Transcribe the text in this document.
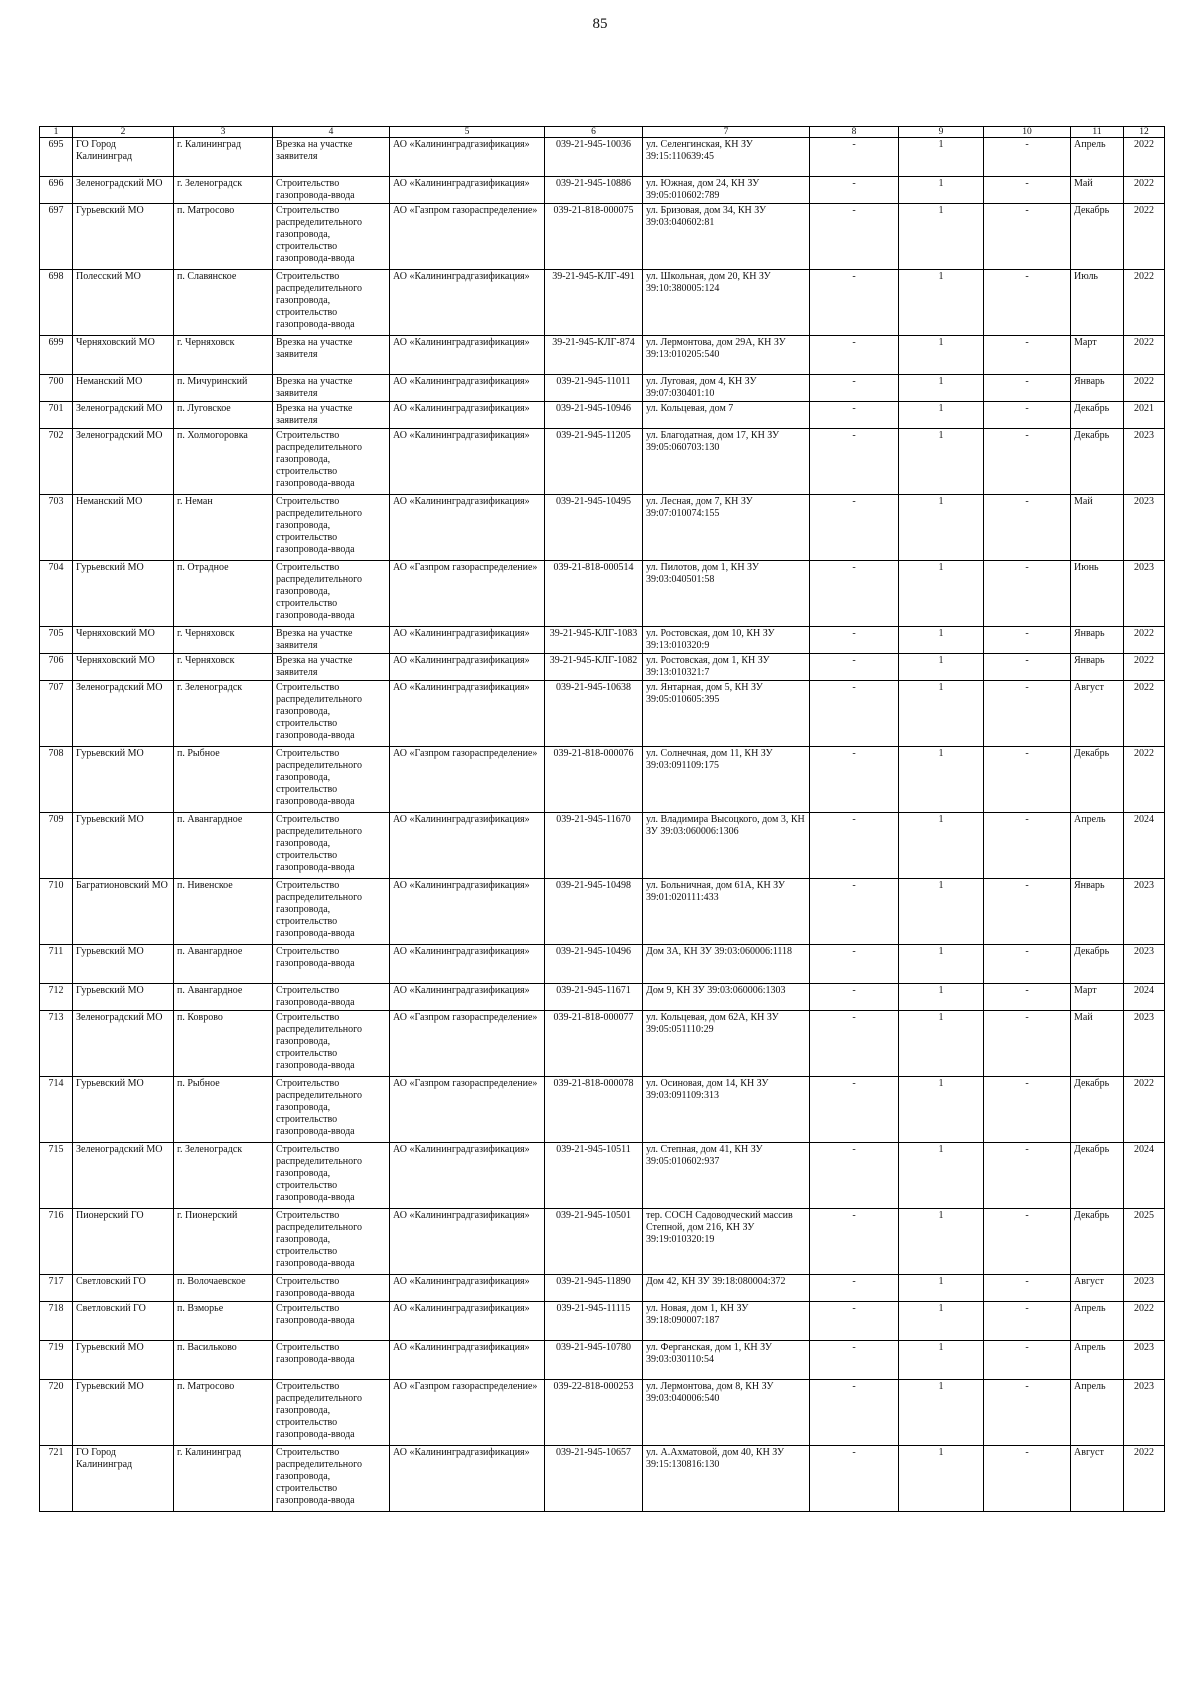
85
1	2	3	4	5	6	7	8	9	10	11	12
695	ГО Город Калининград	г. Калининград	Врезка на участке заявителя	АО «Калининградгазификация»	039-21-945-10036	ул. Селенгинская, КН ЗУ 39:15:110639:45	-	1	-	Апрель	2022
696	Зеленоградский МО	г. Зеленоградск	Строительство газопровода-ввода	АО «Калининградгазификация»	039-21-945-10886	ул. Южная, дом 24, КН ЗУ 39:05:010602:789	-	1	-	Май	2022
697	Гурьевский МО	п. Матросово	Строительство распределительного газопровода, строительство газопровода-ввода	АО «Газпром газораспределение»	039-21-818-000075	ул. Бризовая, дом 34, КН ЗУ 39:03:040602:81	-	1	-	Декабрь	2022
698	Полесский МО	п. Славянское	Строительство распределительного газопровода, строительство газопровода-ввода	АО «Калининградгазификация»	39-21-945-КЛГ-491	ул. Школьная, дом 20, КН ЗУ 39:10:380005:124	-	1	-	Июль	2022
699	Черняховский МО	г. Черняховск	Врезка на участке заявителя	АО «Калининградгазификация»	39-21-945-КЛГ-874	ул. Лермонтова, дом 29А, КН ЗУ 39:13:010205:540	-	1	-	Март	2022
700	Неманский МО	п. Мичуринский	Врезка на участке заявителя	АО «Калининградгазификация»	039-21-945-11011	ул. Луговая, дом 4, КН ЗУ 39:07:030401:10	-	1	-	Январь	2022
701	Зеленоградский МО	п. Луговское	Врезка на участке заявителя	АО «Калининградгазификация»	039-21-945-10946	ул. Кольцевая, дом 7	-	1	-	Декабрь	2021
702	Зеленоградский МО	п. Холмогоровка	Строительство распределительного газопровода, строительство газопровода-ввода	АО «Калининградгазификация»	039-21-945-11205	ул. Благодатная, дом 17, КН ЗУ 39:05:060703:130	-	1	-	Декабрь	2023
703	Неманский МО	г. Неман	Строительство распределительного газопровода, строительство газопровода-ввода	АО «Калининградгазификация»	039-21-945-10495	ул. Лесная, дом 7, КН ЗУ 39:07:010074:155	-	1	-	Май	2023
704	Гурьевский МО	п. Отрадное	Строительство распределительного газопровода, строительство газопровода-ввода	АО «Газпром газораспределение»	039-21-818-000514	ул. Пилотов, дом 1, КН ЗУ 39:03:040501:58	-	1	-	Июнь	2023
705	Черняховский МО	г. Черняховск	Врезка на участке заявителя	АО «Калининградгазификация»	39-21-945-КЛГ-1083	ул. Ростовская, дом 10, КН ЗУ 39:13:010320:9	-	1	-	Январь	2022
706	Черняховский МО	г. Черняховск	Врезка на участке заявителя	АО «Калининградгазификация»	39-21-945-КЛГ-1082	ул. Ростовская, дом 1, КН ЗУ 39:13:010321:7	-	1	-	Январь	2022
707	Зеленоградский МО	г. Зеленоградск	Строительство распределительного газопровода, строительство газопровода-ввода	АО «Калининградгазификация»	039-21-945-10638	ул. Янтарная, дом 5, КН ЗУ 39:05:010605:395	-	1	-	Август	2022
708	Гурьевский МО	п. Рыбное	Строительство распределительного газопровода, строительство газопровода-ввода	АО «Газпром газораспределение»	039-21-818-000076	ул. Солнечная, дом 11, КН ЗУ 39:03:091109:175	-	1	-	Декабрь	2022
709	Гурьевский МО	п. Авангардное	Строительство распределительного газопровода, строительство газопровода-ввода	АО «Калининградгазификация»	039-21-945-11670	ул. Владимира Высоцкого, дом 3, КН ЗУ 39:03:060006:1306	-	1	-	Апрель	2024
710	Багратионовский МО	п. Нивенское	Строительство распределительного газопровода, строительство газопровода-ввода	АО «Калининградгазификация»	039-21-945-10498	ул. Больничная, дом 61А, КН ЗУ 39:01:020111:433	-	1	-	Январь	2023
711	Гурьевский МО	п. Авангардное	Строительство газопровода-ввода	АО «Калининградгазификация»	039-21-945-10496	Дом 3А, КН ЗУ 39:03:060006:1118	-	1	-	Декабрь	2023
712	Гурьевский МО	п. Авангардное	Строительство газопровода-ввода	АО «Калининградгазификация»	039-21-945-11671	Дом 9, КН ЗУ 39:03:060006:1303	-	1	-	Март	2024
713	Зеленоградский МО	п. Коврово	Строительство распределительного газопровода, строительство газопровода-ввода	АО «Газпром газораспределение»	039-21-818-000077	ул. Кольцевая, дом 62А, КН ЗУ 39:05:051110:29	-	1	-	Май	2023
714	Гурьевский МО	п. Рыбное	Строительство распределительного газопровода, строительство газопровода-ввода	АО «Газпром газораспределение»	039-21-818-000078	ул. Осиновая, дом 14, КН ЗУ 39:03:091109:313	-	1	-	Декабрь	2022
715	Зеленоградский МО	г. Зеленоградск	Строительство распределительного газопровода, строительство газопровода-ввода	АО «Калининградгазификация»	039-21-945-10511	ул. Степная, дом 41, КН ЗУ 39:05:010602:937	-	1	-	Декабрь	2024
716	Пионерский ГО	г. Пионерский	Строительство распределительного газопровода, строительство газопровода-ввода	АО «Калининградгазификация»	039-21-945-10501	тер. СОСН Садоводческий массив Степной, дом 216, КН ЗУ 39:19:010320:19	-	1	-	Декабрь	2025
717	Светловский ГО	п. Волочаевское	Строительство газопровода-ввода	АО «Калининградгазификация»	039-21-945-11890	Дом 42, КН ЗУ 39:18:080004:372	-	1	-	Август	2023
718	Светловский ГО	п. Взморье	Строительство газопровода-ввода	АО «Калининградгазификация»	039-21-945-11115	ул. Новая, дом 1, КН ЗУ 39:18:090007:187	-	1	-	Апрель	2022
719	Гурьевский МО	п. Васильково	Строительство газопровода-ввода	АО «Калининградгазификация»	039-21-945-10780	ул. Ферганская, дом 1, КН ЗУ 39:03:030110:54	-	1	-	Апрель	2023
720	Гурьевский МО	п. Матросово	Строительство распределительного газопровода, строительство газопровода-ввода	АО «Газпром газораспределение»	039-22-818-000253	ул. Лермонтова, дом 8, КН ЗУ 39:03:040006:540	-	1	-	Апрель	2023
721	ГО Город Калининград	г. Калининград	Строительство распределительного газопровода, строительство газопровода-ввода	АО «Калининградгазификация»	039-21-945-10657	ул. А.Ахматовой, дом 40, КН ЗУ 39:15:130816:130	-	1	-	Август	2022
